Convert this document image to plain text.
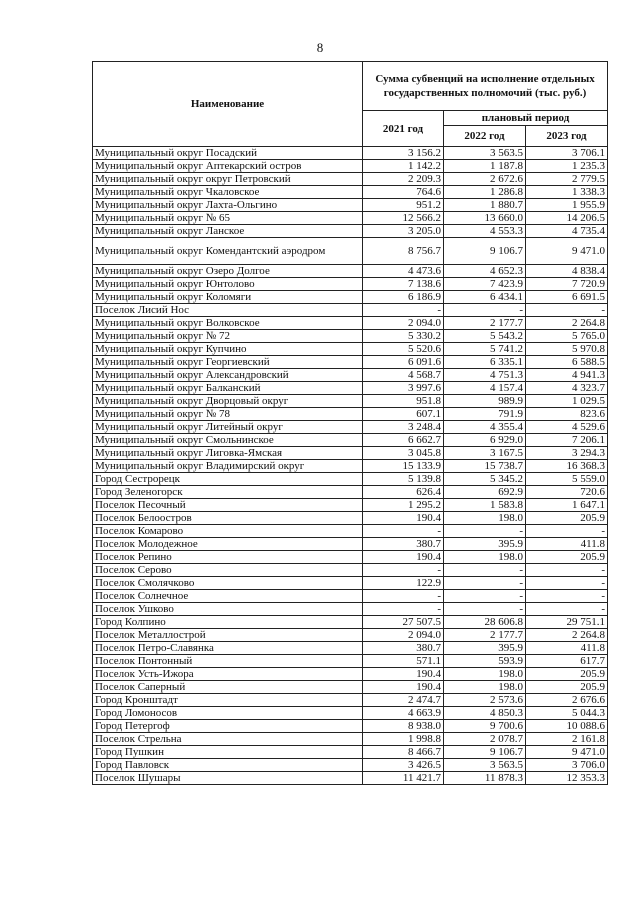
8
Наименование	Сумма субвенций на исполнение отдельных государственных полномочий (тыс. руб.)		
	2021 год	плановый период	
		2022 год	2023 год
Муниципальный округ Посадский	3 156.2	3 563.5	3 706.1
Муниципальный округ Аптекарский остров	1 142.2	1 187.8	1 235.3
Муниципальный округ округ Петровский	2 209.3	2 672.6	2 779.5
Муниципальный округ Чкаловское	764.6	1 286.8	1 338.3
Муниципальный округ Лахта-Ольгино	951.2	1 880.7	1 955.9
Муниципальный округ № 65	12 566.2	13 660.0	14 206.5
Муниципальный округ Ланское	3 205.0	4 553.3	4 735.4
Муниципальный округ Комендантский аэродром	8 756.7	9 106.7	9 471.0
Муниципальный округ Озеро Долгое	4 473.6	4 652.3	4 838.4
Муниципальный округ Юнтолово	7 138.6	7 423.9	7 720.9
Муниципальный округ Коломяги	6 186.9	6 434.1	6 691.5
Поселок Лисий Нос	-	-	-
Муниципальный округ Волковское	2 094.0	2 177.7	2 264.8
Муниципальный округ № 72	5 330.2	5 543.2	5 765.0
Муниципальный округ Купчино	5 520.6	5 741.2	5 970.8
Муниципальный округ Георгиевский	6 091.6	6 335.1	6 588.5
Муниципальный округ Александровский	4 568.7	4 751.3	4 941.3
Муниципальный округ Балканский	3 997.6	4 157.4	4 323.7
Муниципальный округ Дворцовый округ	951.8	989.9	1 029.5
Муниципальный округ № 78	607.1	791.9	823.6
Муниципальный округ Литейный округ	3 248.4	4 355.4	4 529.6
Муниципальный округ Смольнинское	6 662.7	6 929.0	7 206.1
Муниципальный округ Лиговка-Ямская	3 045.8	3 167.5	3 294.3
Муниципальный округ Владимирский округ	15 133.9	15 738.7	16 368.3
Город Сестрорецк	5 139.8	5 345.2	5 559.0
Город Зеленогорск	626.4	692.9	720.6
Поселок Песочный	1 295.2	1 583.8	1 647.1
Поселок Белоостров	190.4	198.0	205.9
Поселок Комарово	-	-	-
Поселок Молодежное	380.7	395.9	411.8
Поселок Репино	190.4	198.0	205.9
Поселок Серово	-	-	-
Поселок Смолячково	122.9	-	-
Поселок Солнечное	-	-	-
Поселок Ушково	-	-	-
Город Колпино	27 507.5	28 606.8	29 751.1
Поселок Металлострой	2 094.0	2 177.7	2 264.8
Поселок Петро-Славянка	380.7	395.9	411.8
Поселок Понтонный	571.1	593.9	617.7
Поселок Усть-Ижора	190.4	198.0	205.9
Поселок Саперный	190.4	198.0	205.9
Город Кронштадт	2 474.7	2 573.6	2 676.6
Город Ломоносов	4 663.9	4 850.3	5 044.3
Город Петергоф	8 938.0	9 700.6	10 088.6
Поселок Стрельна	1 998.8	2 078.7	2 161.8
Город Пушкин	8 466.7	9 106.7	9 471.0
Город Павловск	3 426.5	3 563.5	3 706.0
Поселок Шушары	11 421.7	11 878.3	12 353.3
